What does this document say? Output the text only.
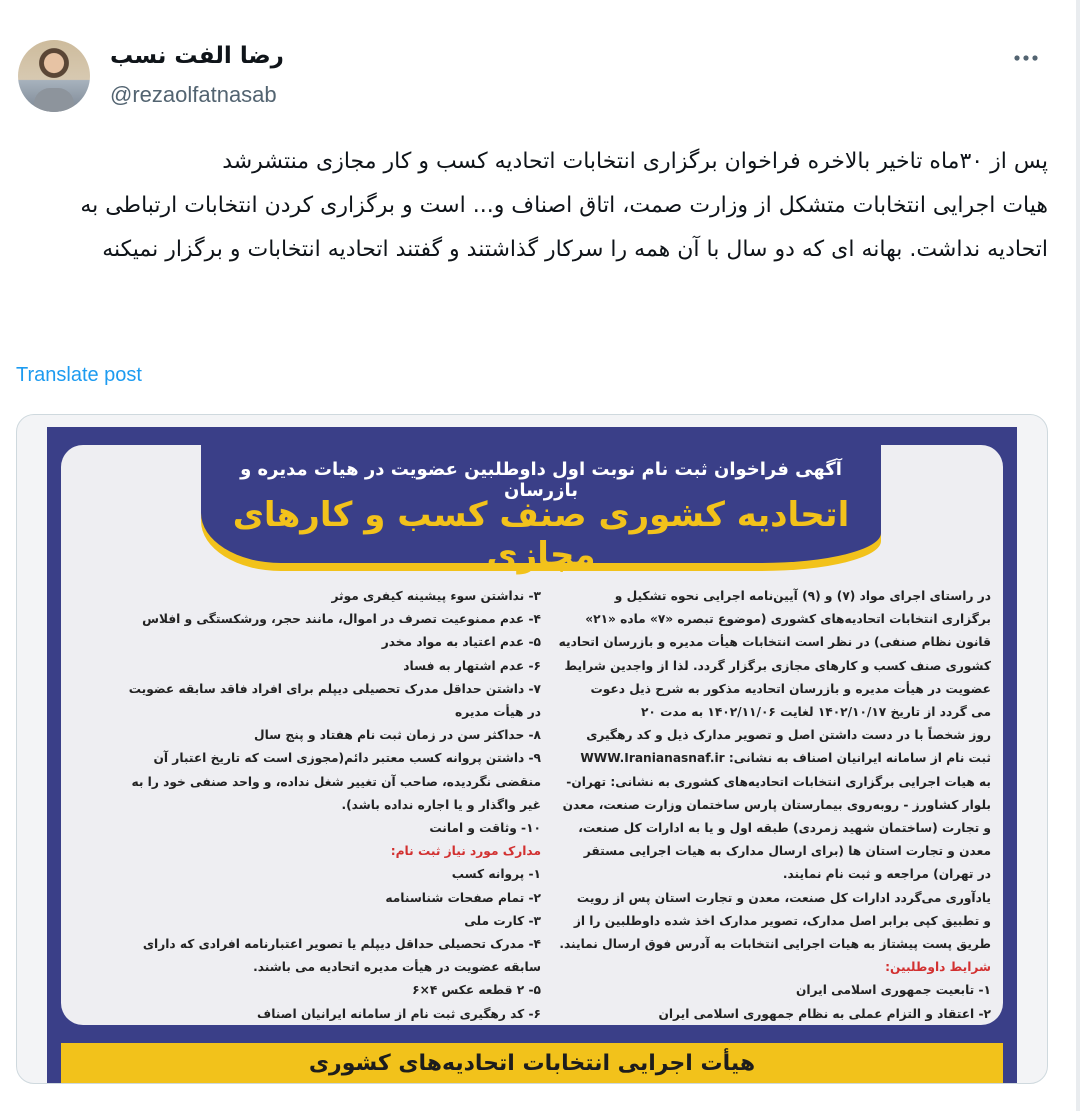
رضا الفت نسب
@rezaolfatnasab
پس از ۳۰ماه تاخیر بالاخره فراخوان برگزاری انتخابات اتحادیه کسب و کار مجازی منتشرشد
هیات اجرایی انتخابات متشکل از وزارت صمت، اتاق اصناف و... است و برگزاری کردن انتخابات ارتباطی به اتحادیه نداشت. بهانه ای که دو سال با آن همه را سرکار گذاشتند و گفتند اتحادیه انتخابات و برگزار نمیکنه
Translate post
آگهی فراخوان ثبت نام نوبت اول داوطلبین عضویت در هیات مدیره و بازرسان
اتحادیه کشوری صنف کسب و کارهای مجازی
در راستای اجرای مواد (۷) و (۹) آیین‌نامه اجرایی نحوه تشکیل و
برگزاری انتخابات اتحادیه‌های کشوری (موضوع تبصره «۷» ماده «۲۱»
قانون نظام صنفی) در نظر است انتخابات هیأت مدیره و بازرسان اتحادیه
کشوری صنف کسب و کارهای مجازی برگزار گردد. لذا از واجدین شرایط
عضویت در هیأت مدیره و بازرسان اتحادیه مذکور به شرح ذیل دعوت
می گردد از تاریخ ۱۴۰۲/۱۰/۱۷ لغایت ۱۴۰۲/۱۱/۰۶ به مدت ۲۰
روز شخصاً با در دست داشتن اصل و تصویر مدارک ذیل و کد رهگیری
ثبت نام از سامانه ایرانیان اصناف به نشانی: WWW.Iranianasnaf.ir
به هیات اجرایی برگزاری انتخابات اتحادیه‌های کشوری به نشانی: تهران-
بلوار کشاورز - روبه‌روی بیمارستان پارس ساختمان وزارت صنعت، معدن
و تجارت (ساختمان شهید زمردی) طبقه اول و یا به ادارات کل صنعت،
معدن و تجارت استان ها (برای ارسال مدارک به هیات اجرایی مستقر
در تهران) مراجعه و ثبت نام نمایند.
یادآوری می‌گردد ادارات کل صنعت، معدن و تجارت استان پس از رویت
و تطبیق کپی برابر اصل مدارک، تصویر مدارک اخذ شده داوطلبین را از
طریق پست پیشتاز به هیات اجرایی انتخابات به آدرس فوق ارسال نمایند.
شرایط داوطلبین:
۱- تابعیت جمهوری اسلامی ایران
۲- اعتقاد و التزام عملی به نظام جمهوری اسلامی ایران
۳- نداشتن سوء پیشینه کیفری موثر
۴- عدم ممنوعیت تصرف در اموال، مانند حجر، ورشکستگی و افلاس
۵- عدم اعتیاد به مواد مخدر
۶- عدم اشتهار به فساد
۷- داشتن حداقل مدرک تحصیلی دیپلم برای افراد فاقد سابقه عضویت
در هیأت مدیره
۸- حداکثر سن در زمان ثبت نام هفتاد و پنج سال
۹- داشتن پروانه کسب معتبر دائم(مجوزی است که تاریخ اعتبار آن
منقضی نگردیده، صاحب آن تغییر شغل نداده، و واحد صنفی خود را به
غیر واگذار و یا اجاره نداده باشد).
۱۰- وثاقت و امانت
مدارک مورد نیاز ثبت نام:
۱- پروانه کسب
۲- تمام صفحات شناسنامه
۳- کارت ملی
۴- مدرک تحصیلی حداقل دیپلم یا تصویر اعتبارنامه افرادی که دارای
سابقه عضویت در هیأت مدیره اتحادیه می باشند.
۵- ۲ قطعه عکس ۴×۶
۶- کد رهگیری ثبت نام از سامانه ایرانیان اصناف
هیأت اجرایی انتخابات اتحادیه‌های کشوری
